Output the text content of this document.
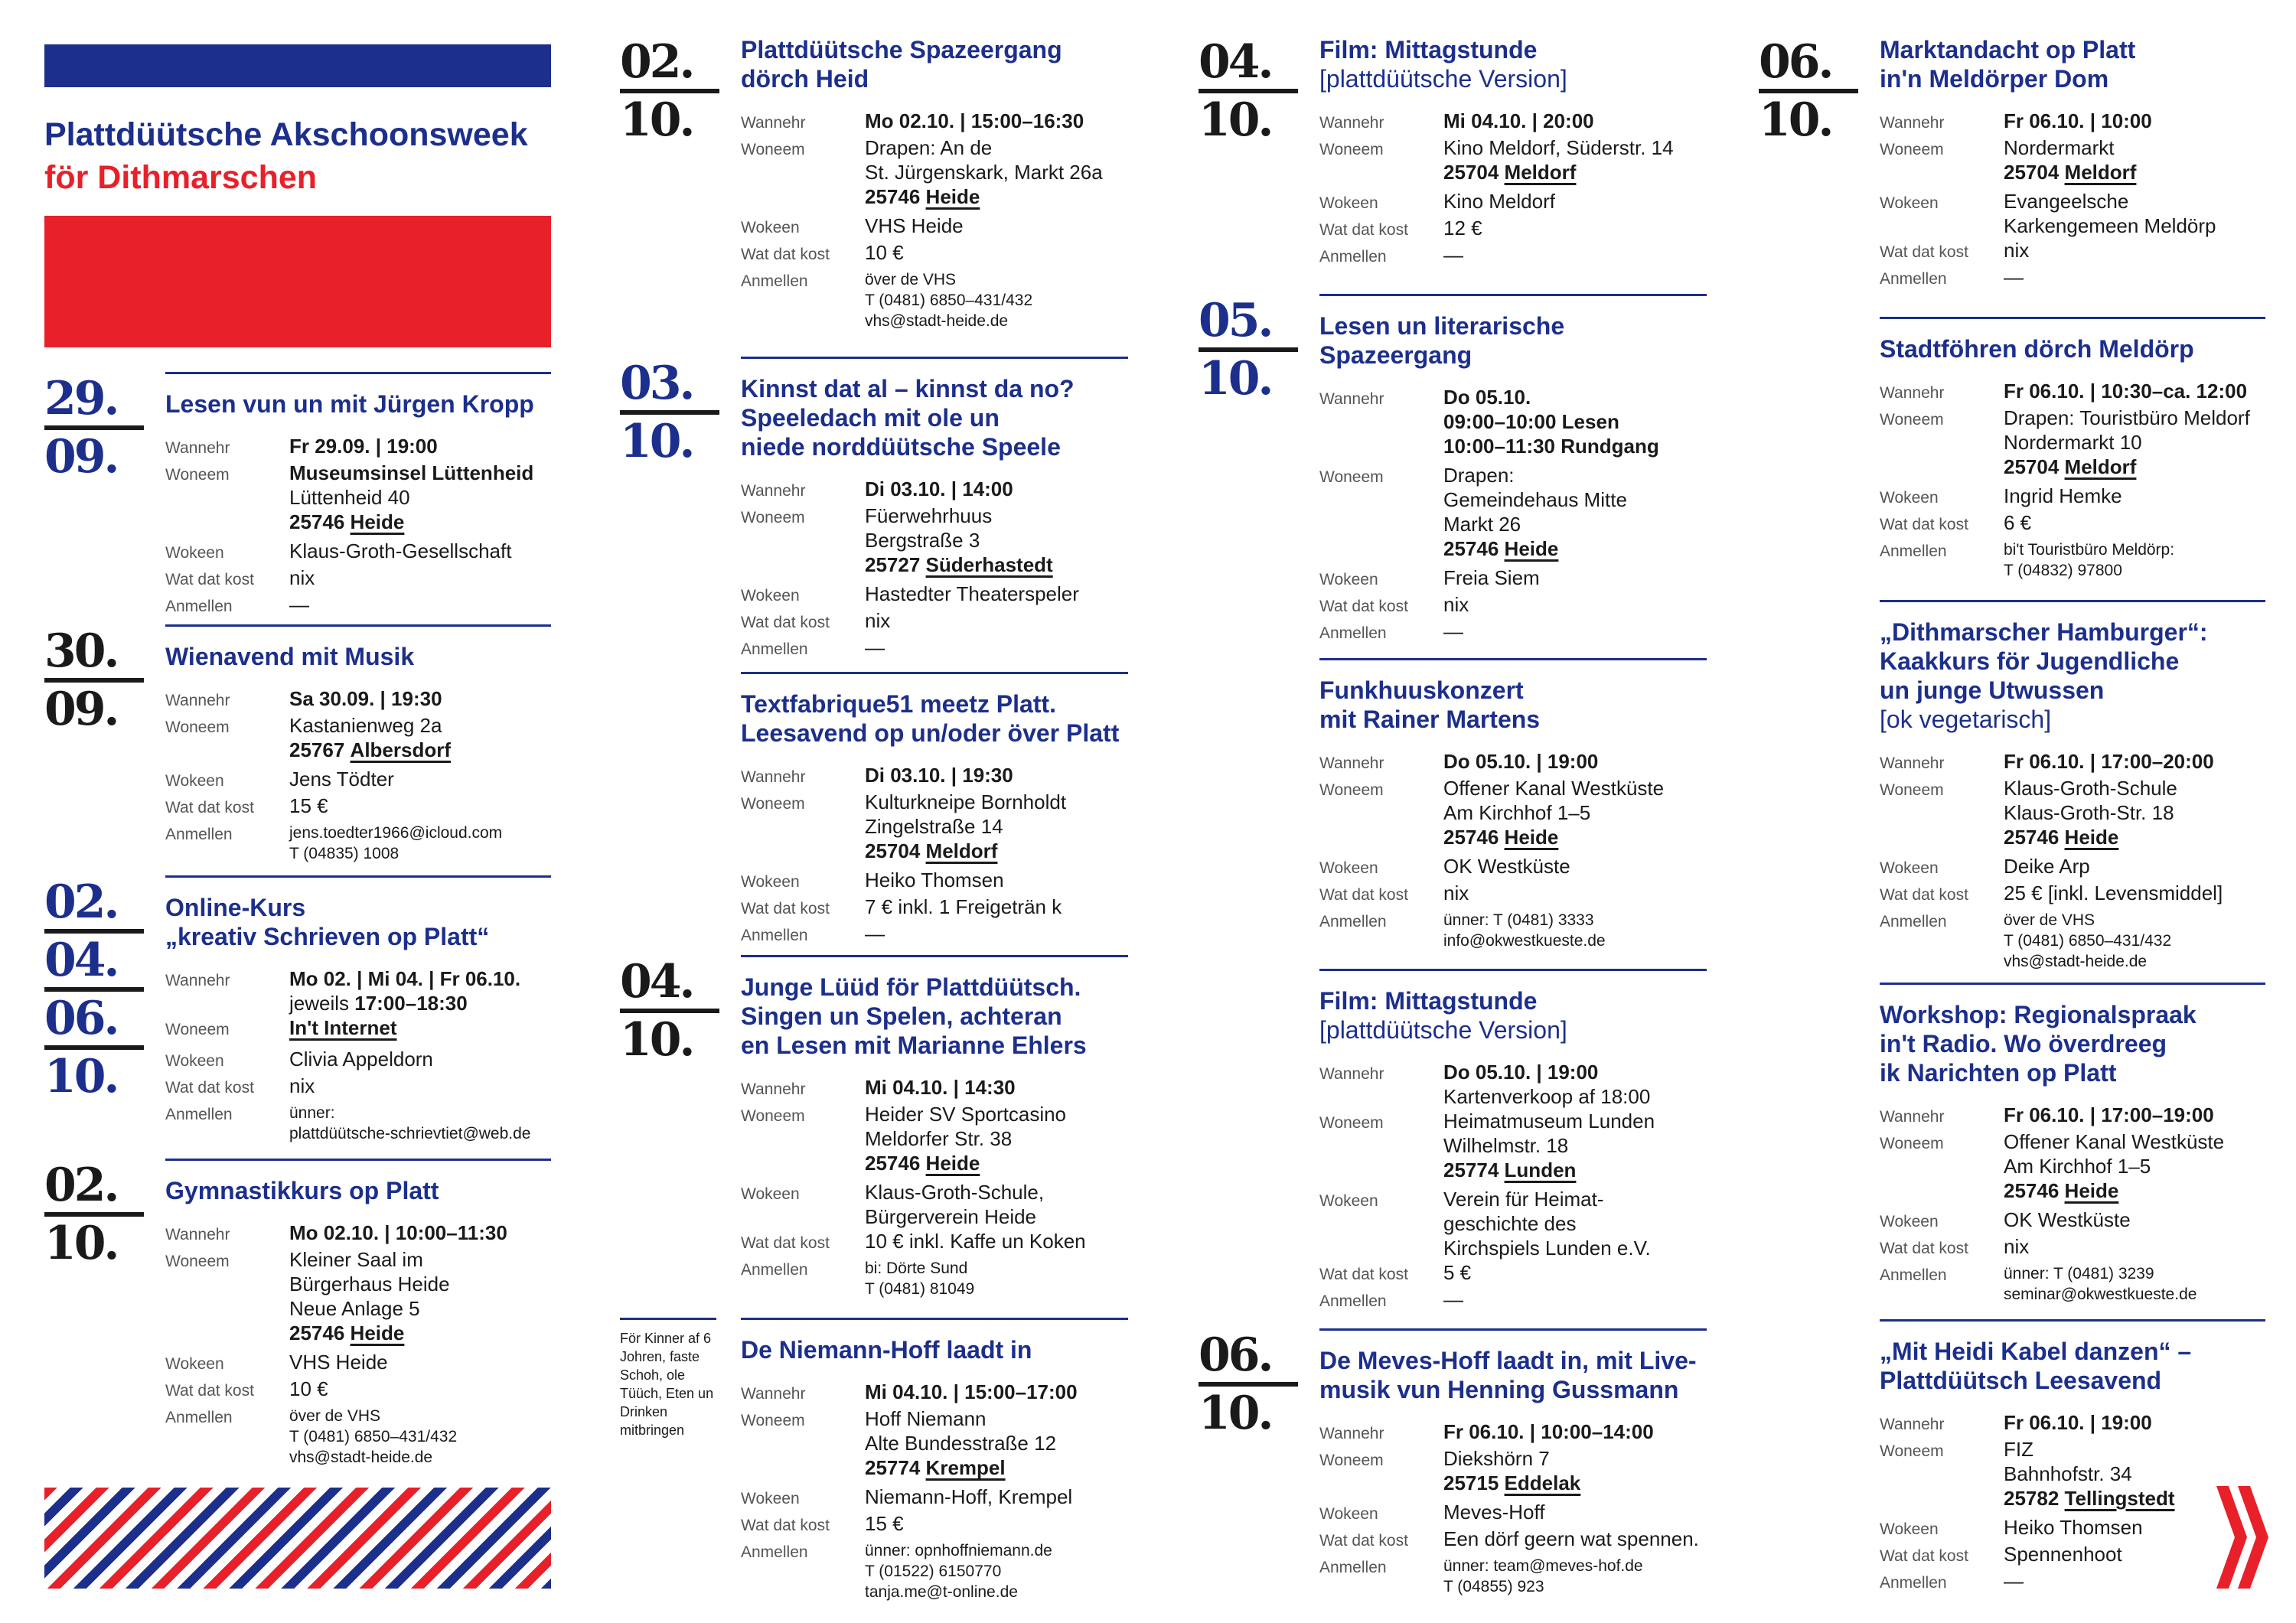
Plattdüütsche Akschoonsweek
för Dithmarschen
29.
09.
Lesen vun un mit Jürgen Kropp
Wannehr	Fr 29.09. | 19:00
Woneem	Museumsinsel Lüttenheid
Lüttenheid 40
25746 Heide
Wokeen	Klaus-Groth-Gesellschaft
Wat dat kost	nix
Anmellen	—
30.
09.
Wienavend mit Musik
Wannehr	Sa 30.09. | 19:30
Woneem	Kastanienweg 2a
25767 Albersdorf
Wokeen	Jens Tödter
Wat dat kost	15 €
Anmellen	jens.toedter1966@icloud.com
T (04835) 1008
02.
04.
06.
10.
Online-Kurs
„kreativ Schrieven op Platt“
Wannehr	Mo 02. | Mi 04. | Fr 06.10.
jeweils 17:00–18:30
Woneem	In't Internet
Wokeen	Clivia Appeldorn
Wat dat kost	nix
Anmellen	ünner:
plattdüütsche-schrievtiet@web.de
02.
10.
Gymnastikkurs op Platt
Wannehr	Mo 02.10. | 10:00–11:30
Woneem	Kleiner Saal im
Bürgerhaus Heide
Neue Anlage 5
25746 Heide
Wokeen	VHS Heide
Wat dat kost	10 €
Anmellen	över de VHS
T (0481) 6850–431/432
vhs@stadt-heide.de
02.
10.
Plattdüütsche Spazeergang
dörch Heid
Wannehr	Mo 02.10. | 15:00–16:30
Woneem	Drapen: An de
St. Jürgenskark, Markt 26a
25746 Heide
Wokeen	VHS Heide
Wat dat kost	10 €
Anmellen	över de VHS
T (0481) 6850–431/432
vhs@stadt-heide.de
03.
10.
Kinnst dat al – kinnst da no?
Speeledach mit ole un
niede norddüütsche Speele
Wannehr	Di 03.10. | 14:00
Woneem	Füerwehrhuus
Bergstraße 3
25727 Süderhastedt
Wokeen	Hastedter Theaterspeler
Wat dat kost	nix
Anmellen	—
Textfabrique51 meetz Platt.
Leesavend op un/oder över Platt
Wannehr	Di 03.10. | 19:30
Woneem	Kulturkneipe Bornholdt
Zingelstraße 14
25704 Meldorf
Wokeen	Heiko Thomsen
Wat dat kost	7 € inkl. 1 Freigeträn k
Anmellen	—
04.
10.
Junge Lüüd för Plattdüütsch.
Singen un Spelen, achteran
en Lesen mit Marianne Ehlers
Wannehr	Mi 04.10. | 14:30
Woneem	Heider SV Sportcasino
Meldorfer Str. 38
25746 Heide
Wokeen	Klaus-Groth-Schule,
Bürgerverein Heide
Wat dat kost	10 € inkl. Kaffe un Koken
Anmellen	bi: Dörte Sund
T (0481) 81049
De Niemann-Hoff laadt in
Wannehr	Mi 04.10. | 15:00–17:00
Woneem	Hoff Niemann
Alte Bundesstraße 12
25774 Krempel
Wokeen	Niemann-Hoff, Krempel
Wat dat kost	15 €
Anmellen	ünner: opnhoffniemann.de
T (01522) 6150770
tanja.me@t-online.de
För Kinner af 6 Johren, faste Schoh, ole Tüüch, Eten un Drinken mitbringen
04.
10.
Film: Mittagstunde
[plattdüütsche Version]
Wannehr	Mi 04.10. | 20:00
Woneem	Kino Meldorf, Süderstr. 14
25704 Meldorf
Wokeen	Kino Meldorf
Wat dat kost	12 €
Anmellen	—
05.
10.
Lesen un literarische
Spazeergang
Wannehr	Do 05.10.
09:00–10:00 Lesen
10:00–11:30 Rundgang
Woneem	Drapen:
Gemeindehaus Mitte
Markt 26
25746 Heide
Wokeen	Freia Siem
Wat dat kost	nix
Anmellen	—
Funkhuuskonzert
mit Rainer Martens
Wannehr	Do 05.10. | 19:00
Woneem	Offener Kanal Westküste
Am Kirchhof 1–5
25746 Heide
Wokeen	OK Westküste
Wat dat kost	nix
Anmellen	ünner: T (0481) 3333
info@okwestkueste.de
Film: Mittagstunde
[plattdüütsche Version]
Wannehr	Do 05.10. | 19:00
Kartenverkoop af 18:00
Woneem	Heimatmuseum Lunden
Wilhelmstr. 18
25774 Lunden
Wokeen	Verein für Heimat-
geschichte des
Kirchspiels Lunden e.V.
Wat dat kost	5 €
Anmellen	—
06.
10.
De Meves-Hoff laadt in, mit Live-
musik vun Henning Gussmann
Wannehr	Fr 06.10. | 10:00–14:00
Woneem	Diekshörn 7
25715 Eddelak
Wokeen	Meves-Hoff
Wat dat kost	Een dörf geern wat spennen.
Anmellen	ünner: team@meves-hof.de
T (04855) 923
06.
10.
Marktandacht op Platt
in'n Meldörper Dom
Wannehr	Fr 06.10. | 10:00
Woneem	Nordermarkt
25704 Meldorf
Wokeen	Evangeelsche
Karkengemeen Meldörp
Wat dat kost	nix
Anmellen	—
Stadtföhren dörch Meldörp
Wannehr	Fr 06.10. | 10:30–ca. 12:00
Woneem	Drapen: Touristbüro Meldorf
Nordermarkt 10
25704 Meldorf
Wokeen	Ingrid Hemke
Wat dat kost	6 €
Anmellen	bi't Touristbüro Meldörp:
T (04832) 97800
„Dithmarscher Hamburger“:
Kaakkurs för Jugendliche
un junge Utwussen
[ok vegetarisch]
Wannehr	Fr 06.10. | 17:00–20:00
Woneem	Klaus-Groth-Schule
Klaus-Groth-Str. 18
25746 Heide
Wokeen	Deike Arp
Wat dat kost	25 € [inkl. Levensmiddel]
Anmellen	över de VHS
T (0481) 6850–431/432
vhs@stadt-heide.de
Workshop: Regionalspraak
in't Radio. Wo överdreeg
ik Narichten op Platt
Wannehr	Fr 06.10. | 17:00–19:00
Woneem	Offener Kanal Westküste
Am Kirchhof 1–5
25746 Heide
Wokeen	OK Westküste
Wat dat kost	nix
Anmellen	ünner: T (0481) 3239
seminar@okwestkueste.de
„Mit Heidi Kabel danzen“ –
Plattdüütsch Leesavend
Wannehr	Fr 06.10. | 19:00
Woneem	FIZ
Bahnhofstr. 34
25782 Tellingstedt
Wokeen	Heiko Thomsen
Wat dat kost	Spennenhoot
Anmellen	—
